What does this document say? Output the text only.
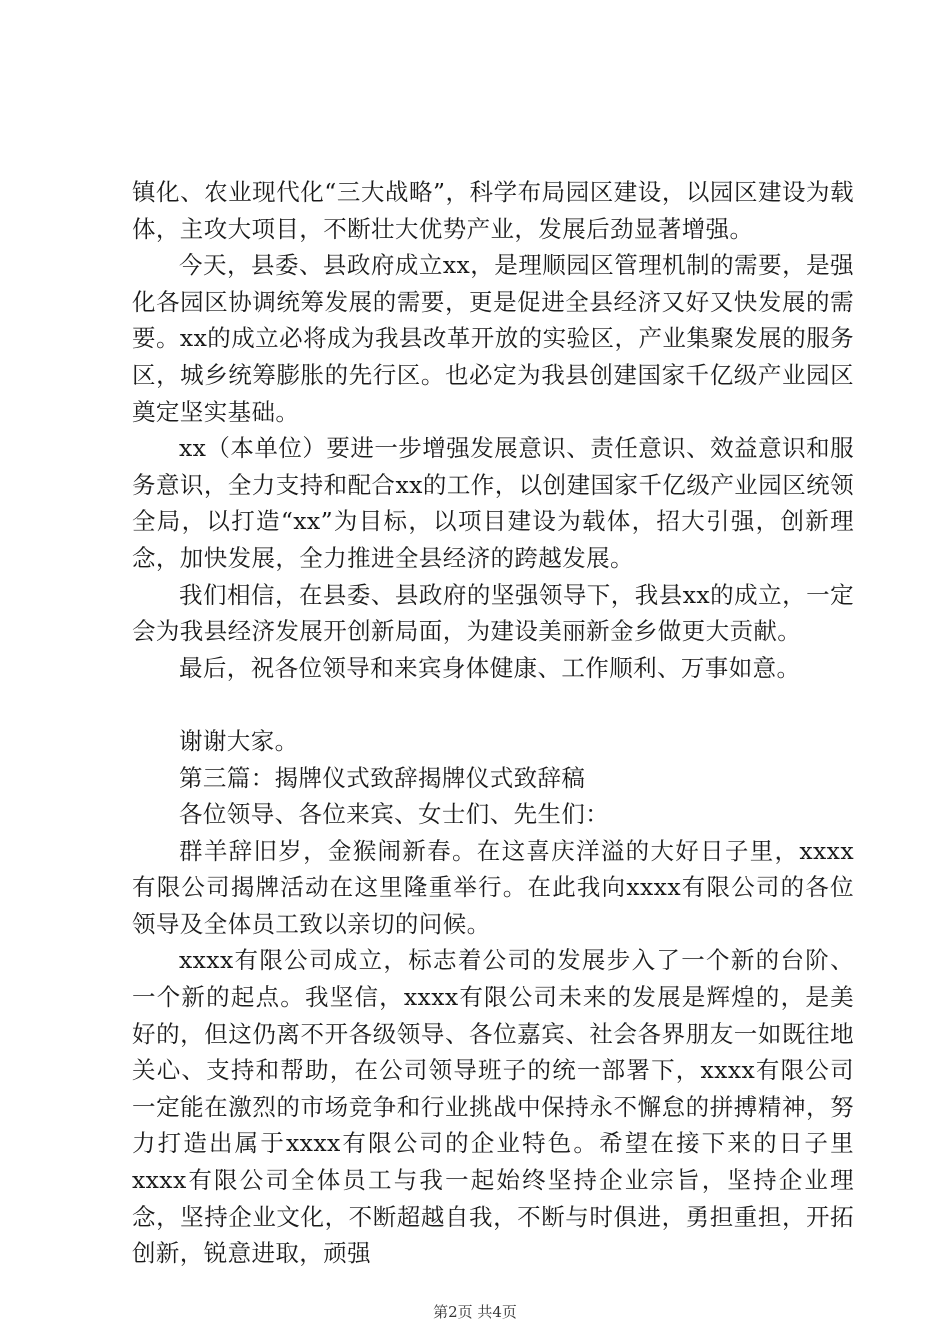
镇化、农业现代化“三大战略”，科学布局园区建设，以园区建设为载体，主攻大项目，不断壮大优势产业，发展后劲显著增强。

今天，县委、县政府成立xx，是理顺园区管理机制的需要，是强化各园区协调统筹发展的需要，更是促进全县经济又好又快发展的需要。xx的成立必将成为我县改革开放的实验区，产业集聚发展的服务区，城乡统筹膨胀的先行区。也必定为我县创建国家千亿级产业园区奠定坚实基础。

xx（本单位）要进一步增强发展意识、责任意识、效益意识和服务意识，全力支持和配合xx的工作，以创建国家千亿级产业园区统领全局，以打造“xx”为目标，以项目建设为载体，招大引强，创新理念，加快发展，全力推进全县经济的跨越发展。

我们相信，在县委、县政府的坚强领导下，我县xx的成立，一定会为我县经济发展开创新局面，为建设美丽新金乡做更大贡献。

最后，祝各位领导和来宾身体健康、工作顺利、万事如意。

谢谢大家。

第三篇：揭牌仪式致辞揭牌仪式致辞稿

各位领导、各位来宾、女士们、先生们：

群羊辞旧岁，金猴闹新春。在这喜庆洋溢的大好日子里，xxxx有限公司揭牌活动在这里隆重举行。在此我向xxxx有限公司的各位领导及全体员工致以亲切的问候。

xxxx有限公司成立，标志着公司的发展步入了一个新的台阶、一个新的起点。我坚信，xxxx有限公司未来的发展是辉煌的，是美好的，但这仍离不开各级领导、各位嘉宾、社会各界朋友一如既往地关心、支持和帮助，在公司领导班子的统一部署下，xxxx有限公司一定能在激烈的市场竞争和行业挑战中保持永不懈怠的拼搏精神，努力打造出属于xxxx有限公司的企业特色。希望在接下来的日子里xxxx有限公司全体员工与我一起始终坚持企业宗旨，坚持企业理念，坚持企业文化，不断超越自我，不断与时俱进，勇担重担，开拓创新，锐意进取，顽强

第2页 共4页
